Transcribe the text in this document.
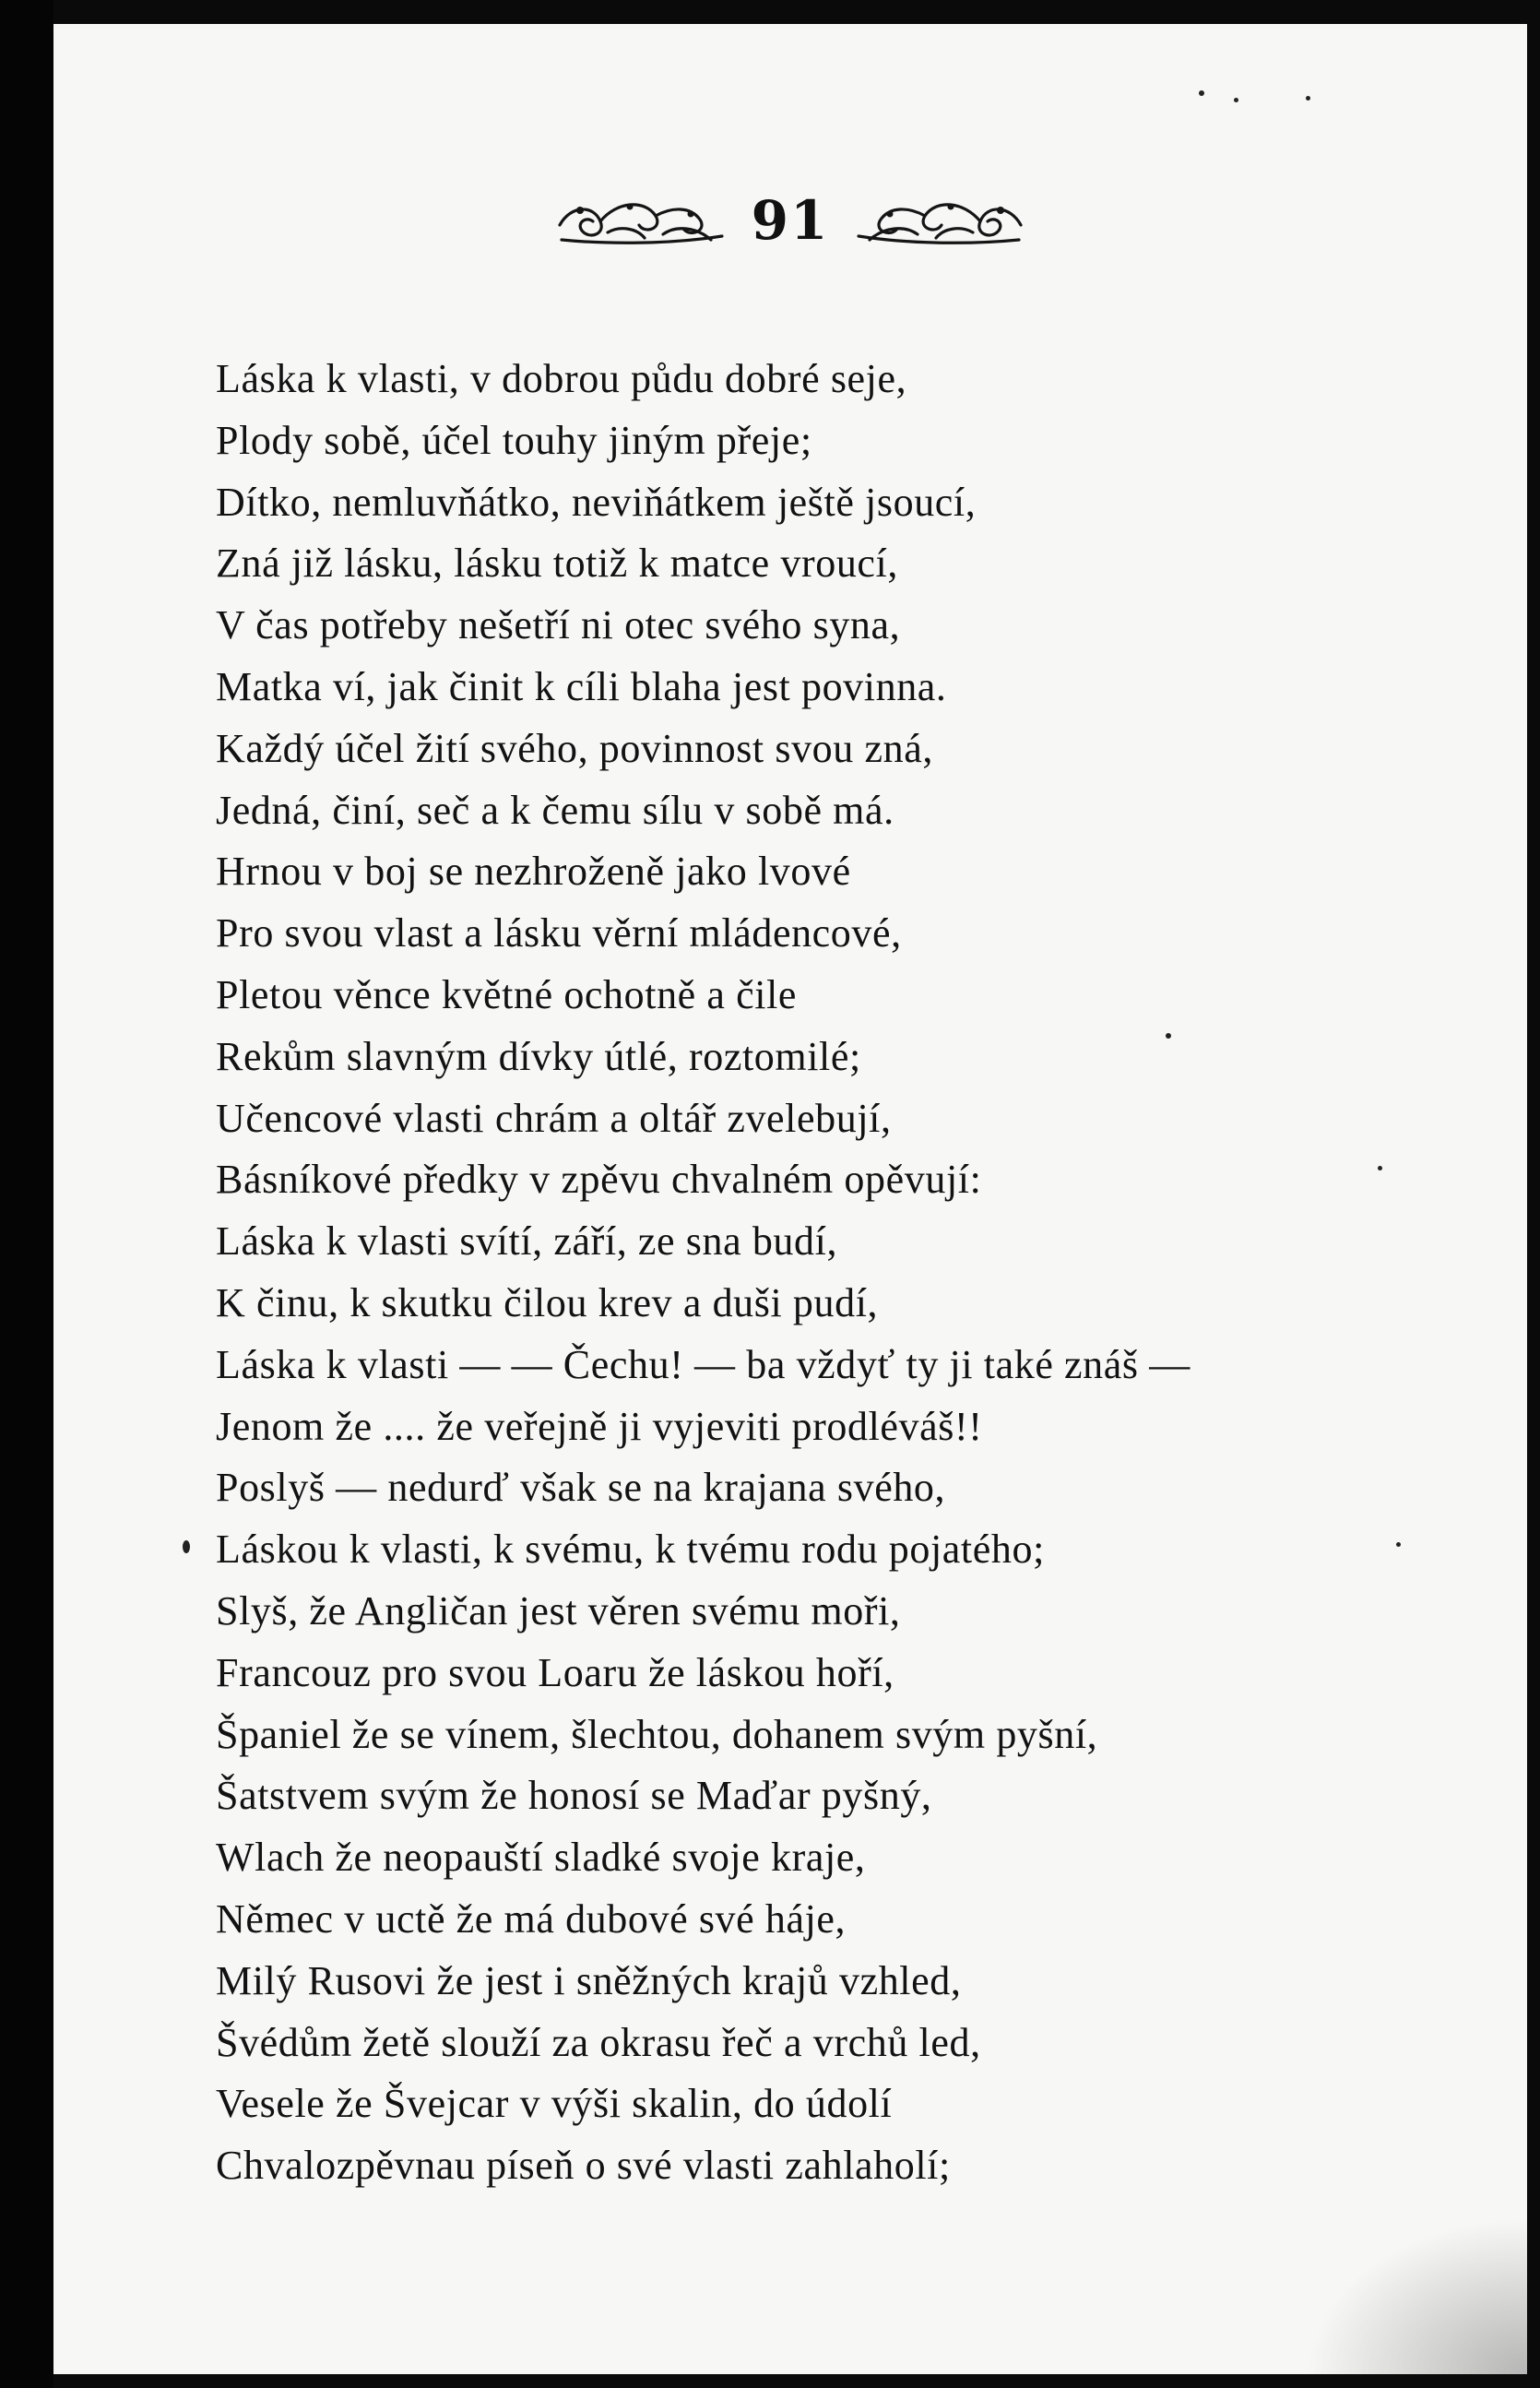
91
Láska k vlasti, v dobrou půdu dobré seje,
Plody sobě, účel touhy jiným přeje;
Dítko, nemluvňátko, neviňátkem ještě jsoucí,
Zná již lásku, lásku totiž k matce vroucí,
V čas potřeby nešetří ni otec svého syna,
Matka ví, jak činit k cíli blaha jest povinna.
Každý účel žití svého, povinnost svou zná,
Jedná, činí, seč a k čemu sílu v sobě má.
Hrnou v boj se nezhroženě jako lvové
Pro svou vlast a lásku věrní mládencové,
Pletou věnce květné ochotně a čile
Rekům slavným dívky útlé, roztomilé;
Učencové vlasti chrám a oltář zvelebují,
Básníkové předky v zpěvu chvalném opěvují:
Láska k vlasti svítí, září, ze sna budí,
K činu, k skutku čilou krev a duši pudí,
Láska k vlasti — — Čechu! — ba vždyť ty ji také znáš —
Jenom že .... že veřejně ji vyjeviti prodléváš!!
Poslyš — nedurď však se na krajana svého,
Láskou k vlasti, k svému, k tvému rodu pojatého;
Slyš, že Angličan jest věren svému moři,
Francouz pro svou Loaru že láskou hoří,
Španiel že se vínem, šlechtou, dohanem svým pyšní,
Šatstvem svým že honosí se Maďar pyšný,
Wlach že neopauští sladké svoje kraje,
Němec v uctě že má dubové své háje,
Milý Rusovi že jest i sněžných krajů vzhled,
Švédům žetě slouží za okrasu řeč a vrchů led,
Vesele že Švejcar v výši skalin, do údolí
Chvalozpěvnau píseň o své vlasti zahlaholí;
